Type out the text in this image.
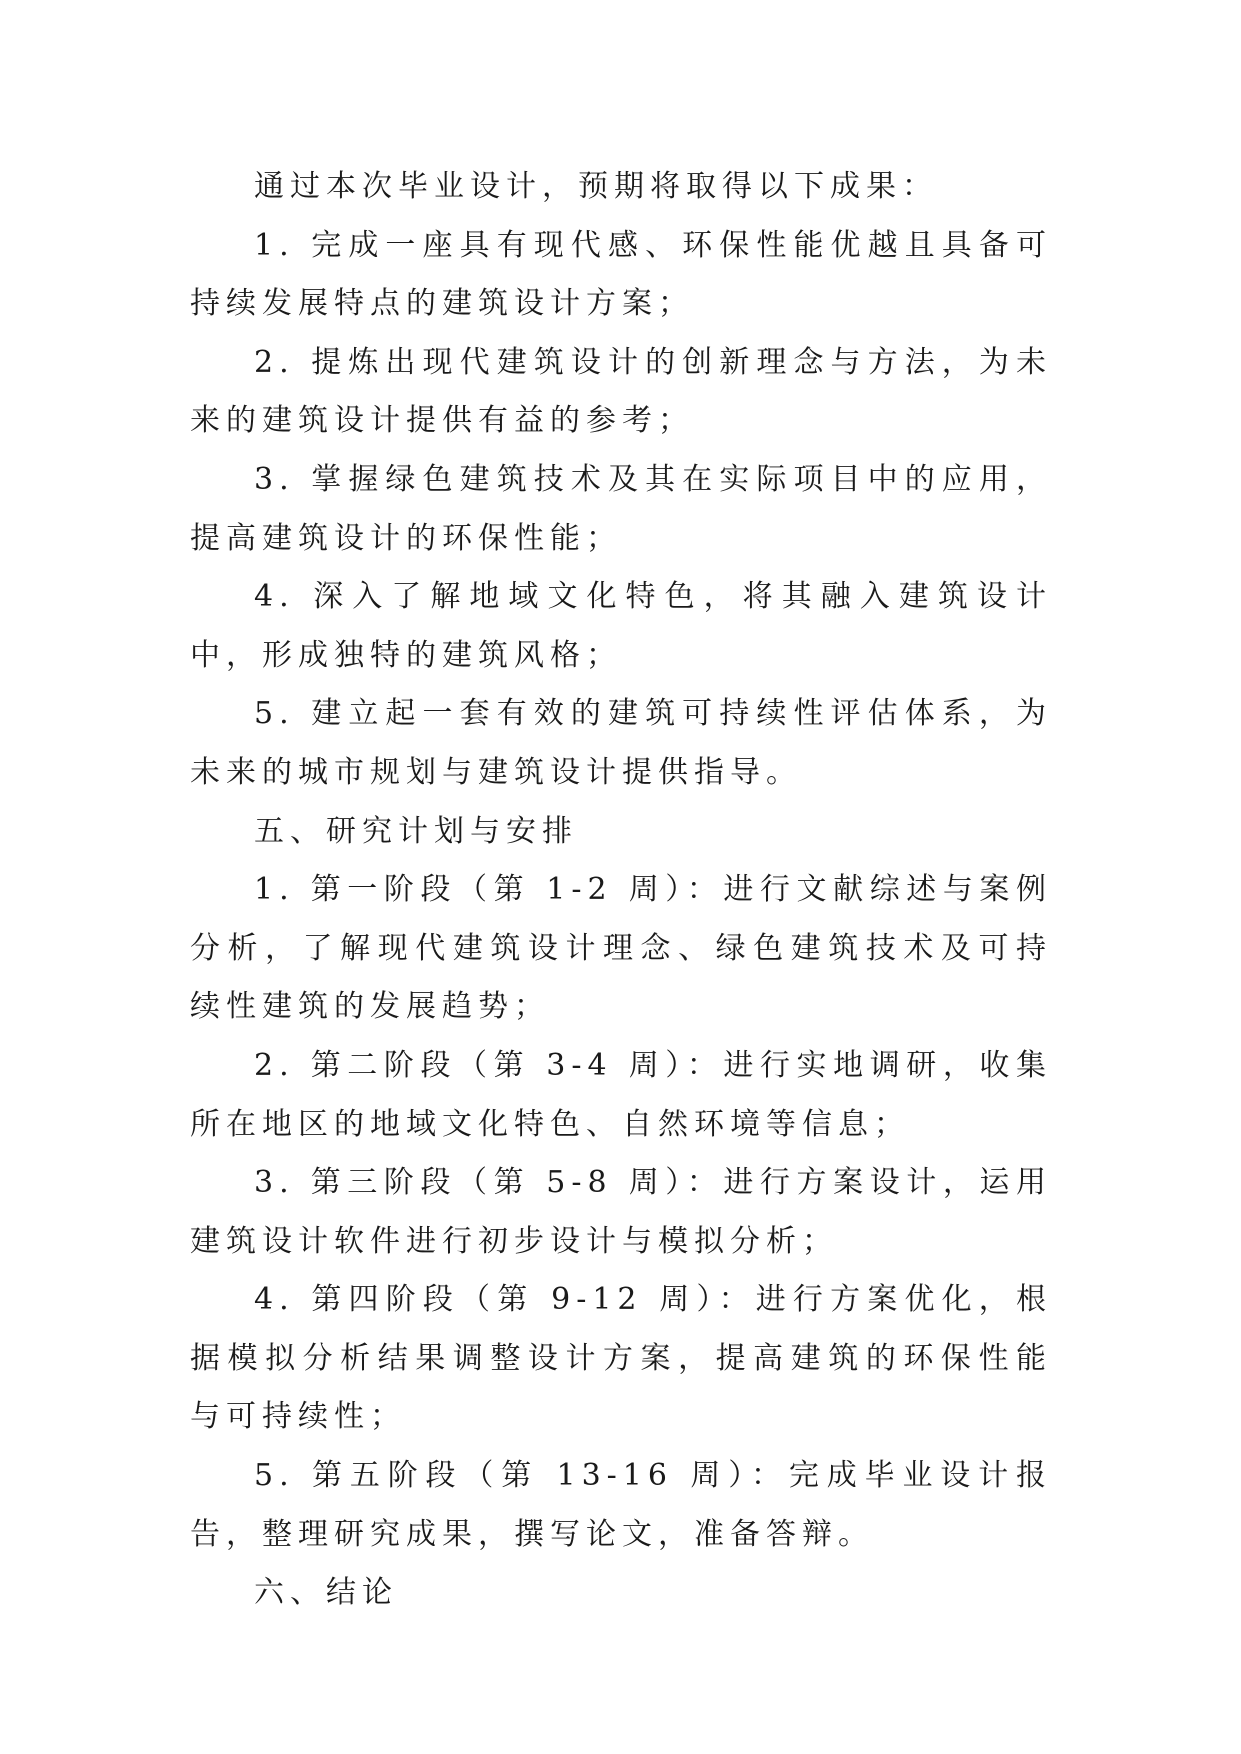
通过本次毕业设计，预期将取得以下成果：

1. 完成一座具有现代感、环保性能优越且具备可持续发展特点的建筑设计方案；

2. 提炼出现代建筑设计的创新理念与方法，为未来的建筑设计提供有益的参考；

3. 掌握绿色建筑技术及其在实际项目中的应用，提高建筑设计的环保性能；

4. 深入了解地域文化特色，将其融入建筑设计中，形成独特的建筑风格；

5. 建立起一套有效的建筑可持续性评估体系，为未来的城市规划与建筑设计提供指导。

五、研究计划与安排

1. 第一阶段（第 1-2 周）：进行文献综述与案例分析，了解现代建筑设计理念、绿色建筑技术及可持续性建筑的发展趋势；

2. 第二阶段（第 3-4 周）：进行实地调研，收集所在地区的地域文化特色、自然环境等信息；

3. 第三阶段（第 5-8 周）：进行方案设计，运用建筑设计软件进行初步设计与模拟分析；

4. 第四阶段（第 9-12 周）：进行方案优化，根据模拟分析结果调整设计方案，提高建筑的环保性能与可持续性；

5. 第五阶段（第 13-16 周）：完成毕业设计报告，整理研究成果，撰写论文，准备答辩。

六、结论
